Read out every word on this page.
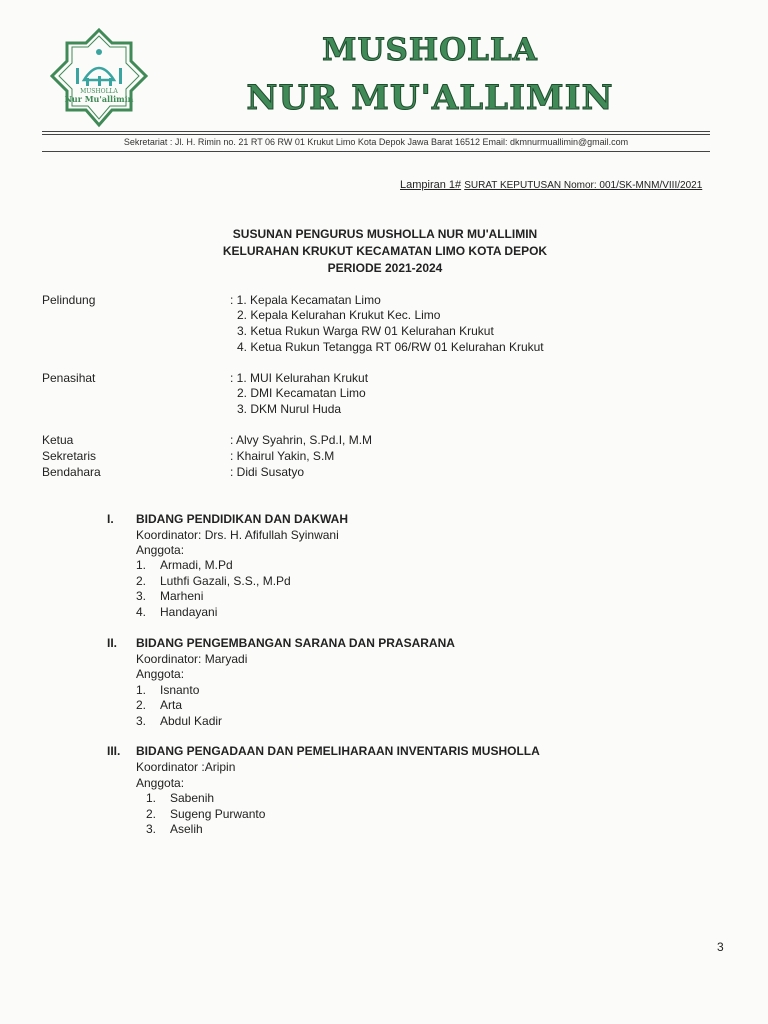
MUSHOLLA
Nur Mu'allimin
MUSHOLLA
NUR MU'ALLIMIN
Sekretariat : Jl. H. Rimin no. 21 RT 06 RW 01 Krukut Limo Kota Depok Jawa Barat 16512 Email: dkmnurmuallimin@gmail.com
Lampiran 1# SURAT KEPUTUSAN Nomor: 001/SK-MNM/VIII/2021
SUSUNAN PENGURUS MUSHOLLA NUR MU'ALLIMIN
KELURAHAN KRUKUT KECAMATAN LIMO KOTA DEPOK
PERIODE 2021-2024
Pelindung	: 1. Kepala Kecamatan Limo
2. Kepala Kelurahan Krukut Kec. Limo
3. Ketua Rukun Warga RW 01 Kelurahan Krukut
4. Ketua Rukun Tetangga RT 06/RW 01 Kelurahan Krukut
Penasihat	: 1. MUI Kelurahan Krukut
2. DMI Kecamatan Limo
3. DKM Nurul Huda
Ketua	: Alvy Syahrin, S.Pd.I, M.M
Sekretaris	: Khairul Yakin, S.M
Bendahara	: Didi Susatyo
I. BIDANG PENDIDIKAN DAN DAKWAH
Koordinator: Drs. H. Afifullah Syinwani
Anggota:
1. Armadi, M.Pd
2. Luthfi Gazali, S.S., M.Pd
3. Marheni
4. Handayani
II. BIDANG PENGEMBANGAN SARANA DAN PRASARANA
Koordinator: Maryadi
Anggota:
1. Isnanto
2. Arta
3. Abdul Kadir
III. BIDANG PENGADAAN DAN PEMELIHARAAN INVENTARIS MUSHOLLA
Koordinator :Aripin
Anggota:
1. Sabenih
2. Sugeng Purwanto
3. Aselih
3
